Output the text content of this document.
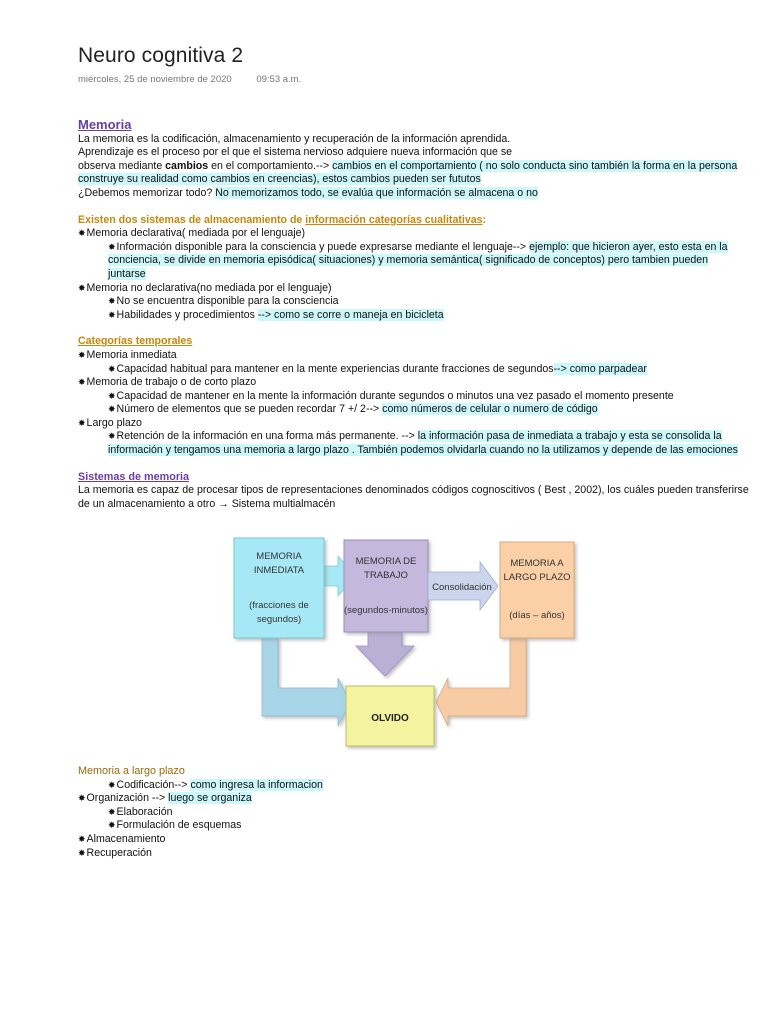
Neuro cognitiva 2
miércoles, 25 de noviembre de 2020	09:53 a.m.

Memoria

La memoria es la codificación, almacenamiento y recuperación de la información aprendida.

Aprendizaje es el proceso por el que el sistema nervioso adquiere nueva información que se

observa mediante cambios en el comportamiento.--> cambios en el comportamiento ( no solo conducta sino también la forma en la persona

construye su realidad como cambios en creencias), estos cambios pueden ser fututos

¿Debemos memorizar todo? No memorizamos todo, se evalúa que información se almacena o no

Existen dos sistemas de almacenamiento de información categorías cualitativas:

✸Memoria declarativa( mediada por el lenguaje)

✸Información disponible para la consciencia y puede expresarse mediante el lenguaje--> ejemplo: que hicieron ayer, esto esta en la

conciencia, se divide en memoria episódica( situaciones) y memoria semántica( significado de conceptos) pero tambien pueden

juntarse

✸Memoria no declarativa(no mediada por el lenguaje)

✸No se encuentra disponible para la consciencia

✸Habilidades y procedimientos --> como se corre o maneja en bicicleta

Categorías temporales

✸Memoria inmediata

✸Capacidad habitual para mantener en la mente experiencias durante fracciones de segundos--> como parpadear

✸Memoria de trabajo o de corto plazo

✸Capacidad de mantener en la mente la información durante segundos o minutos una vez pasado el momento presente

✸Número de elementos que se pueden recordar 7 +/ 2--> como números de celular o numero de código

✸Largo plazo

✸Retención de la información en una forma más permanente. --> la información pasa de inmediata a trabajo y esta se consolida la

información y tengamos una memoria a largo plazo . También podemos olvidarla cuando no la utilizamos y depende de las emociones

Sistemas de memoria

La memoria es capaz de procesar tipos de representaciones denominados códigos cognoscitivos ( Best , 2002), los cuáles pueden transferirse

de un almacenamiento a otro → Sistema multialmacén

MEMORIA
INMEDIATA
(fracciones de
segundos)
MEMORIA DE
TRABAJO
(segundos-minutos)
Consolidación
MEMORIA A
LARGO PLAZO
(días – años)
OLVIDO

Memoria a largo plazo

✸Codificación--> como ingresa la informacion

✸Organización --> luego se organiza

✸Elaboración

✸Formulación de esquemas

✸Almacenamiento

✸Recuperación
